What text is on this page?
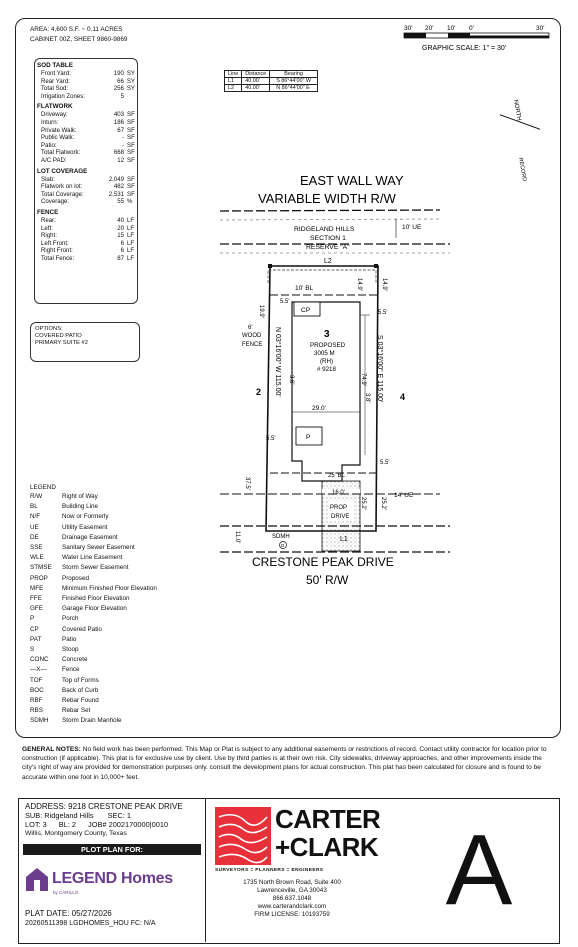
AREA: 4,600 S.F. ~ 0.11 ACRES
CABINET 00Z, SHEET 9860-9869
30' 20' 10' 0'	30'
GRAPHIC SCALE: 1" = 30'
Line	Distance	Bearing
L1	40.00'	S 86°44'00" W
L2	40.00'	N 86°44'00" E
NORTH
RECORD
SOD TABLE
Front Yard:	190 SY
Rear Yard:	66 SY
Total Sod:	256 SY
Irrigation Zones:	5
FLATWORK
Driveway:	403 SF
Inturn:	186 SF
Private Walk:	67 SF
Public Walk:	- SF
Patio:	- SF
Total Flatwork:	668 SF
A/C PAD:	12 SF
LOT COVERAGE
Slab:	2,049 SF
Flatwork on lot:	482 SF
Total Coverage:	2,531 SF
Coverage:	55 %
FENCE
Rear:	40 LF
Left:	20 LF
Right:	15 LF
Left Front:	6 LF
Right Front:	6 LF
Total Fence:	87 LF
OPTIONS:
COVERED PATIO
PRIMARY SUITE #2
LEGEND
R/W	Right of Way
BL	Building Line
N/F	Now or Formerly
UE	Utility Easement
DE	Drainage Easement
SSE	Sanitary Sewer Easement
WLE	Water Line Easement
STMSE	Storm Sewer Easement
PROP	Proposed
MFE	Minimum Finished Floor Elevation
FFE	Finished Floor Elevation
GFE	Garage Floor Elevation
P	Porch
CP	Covered Patio
PAT	Patio
S	Stoop
CONC	Concrete
—X—	Fence
TOF	Top of Forms
BOC	Back of Curb
RBF	Rebar Found
RBS	Rebar Set
SDMH	Storm Drain Manhole
EAST WALL WAY
VARIABLE WIDTH R/W
10' UE
RIDGELAND HILLS
SECTION 1
RESERVE "A"
L2
10' BL
19.9'
14.9'	14.9'
CP
P
5.5'
5.5'
5.5'
5.5'
6'
WOOD
FENCE
3
PROPOSED
3005 M
(RH)
# 9218
N 03°16'00" W 115.00'	S 03°16'00" E 115.00'
74.9'
3.6'
3.8'
29.0'
2	4
25' BL
16.0'
PROP
DRIVE
14' UE
25.2' 25.2'
37.5'
L1
SDMH
D
11.0'
CRESTONE PEAK DRIVE
50' R/W
GENERAL NOTES: No field work has been performed. This Map or Plat is subject to any additional easements or restrictions of record. Contact utility contractor for location prior to construction (if applicable). This plat is for exclusive use by client. Use by third parties is at their own risk. City sidewalks, driveway approaches, and other improvements inside the city's right of way are provided for demonstration purposes only. consult the development plans for actual construction. This plat has been calculated for closure and is found to be accurate within one foot in 10,000+ feet.
ADDRESS: 9218 CRESTONE PEAK DRIVE
SUB: Ridgeland Hills SEC: 1
LOT: 3 BL: 2 JOB# 2002170000|0010
Willis, Montgomery County, Texas
PLOT PLAN FOR:
LEGEND Homes
by CARILLO
PLAT DATE: 05/27/2026
20260511398 LGDHOMES_HOU FC: N/A
CARTER
+CLARK
SURVEYORS = PLANNERS = ENGINEERS
1735 North Brown Road, Suite 400
Lawrenceville, GA 30043
866.637.1048
www.carterandclark.com
FIRM LICENSE: 10193759	A
